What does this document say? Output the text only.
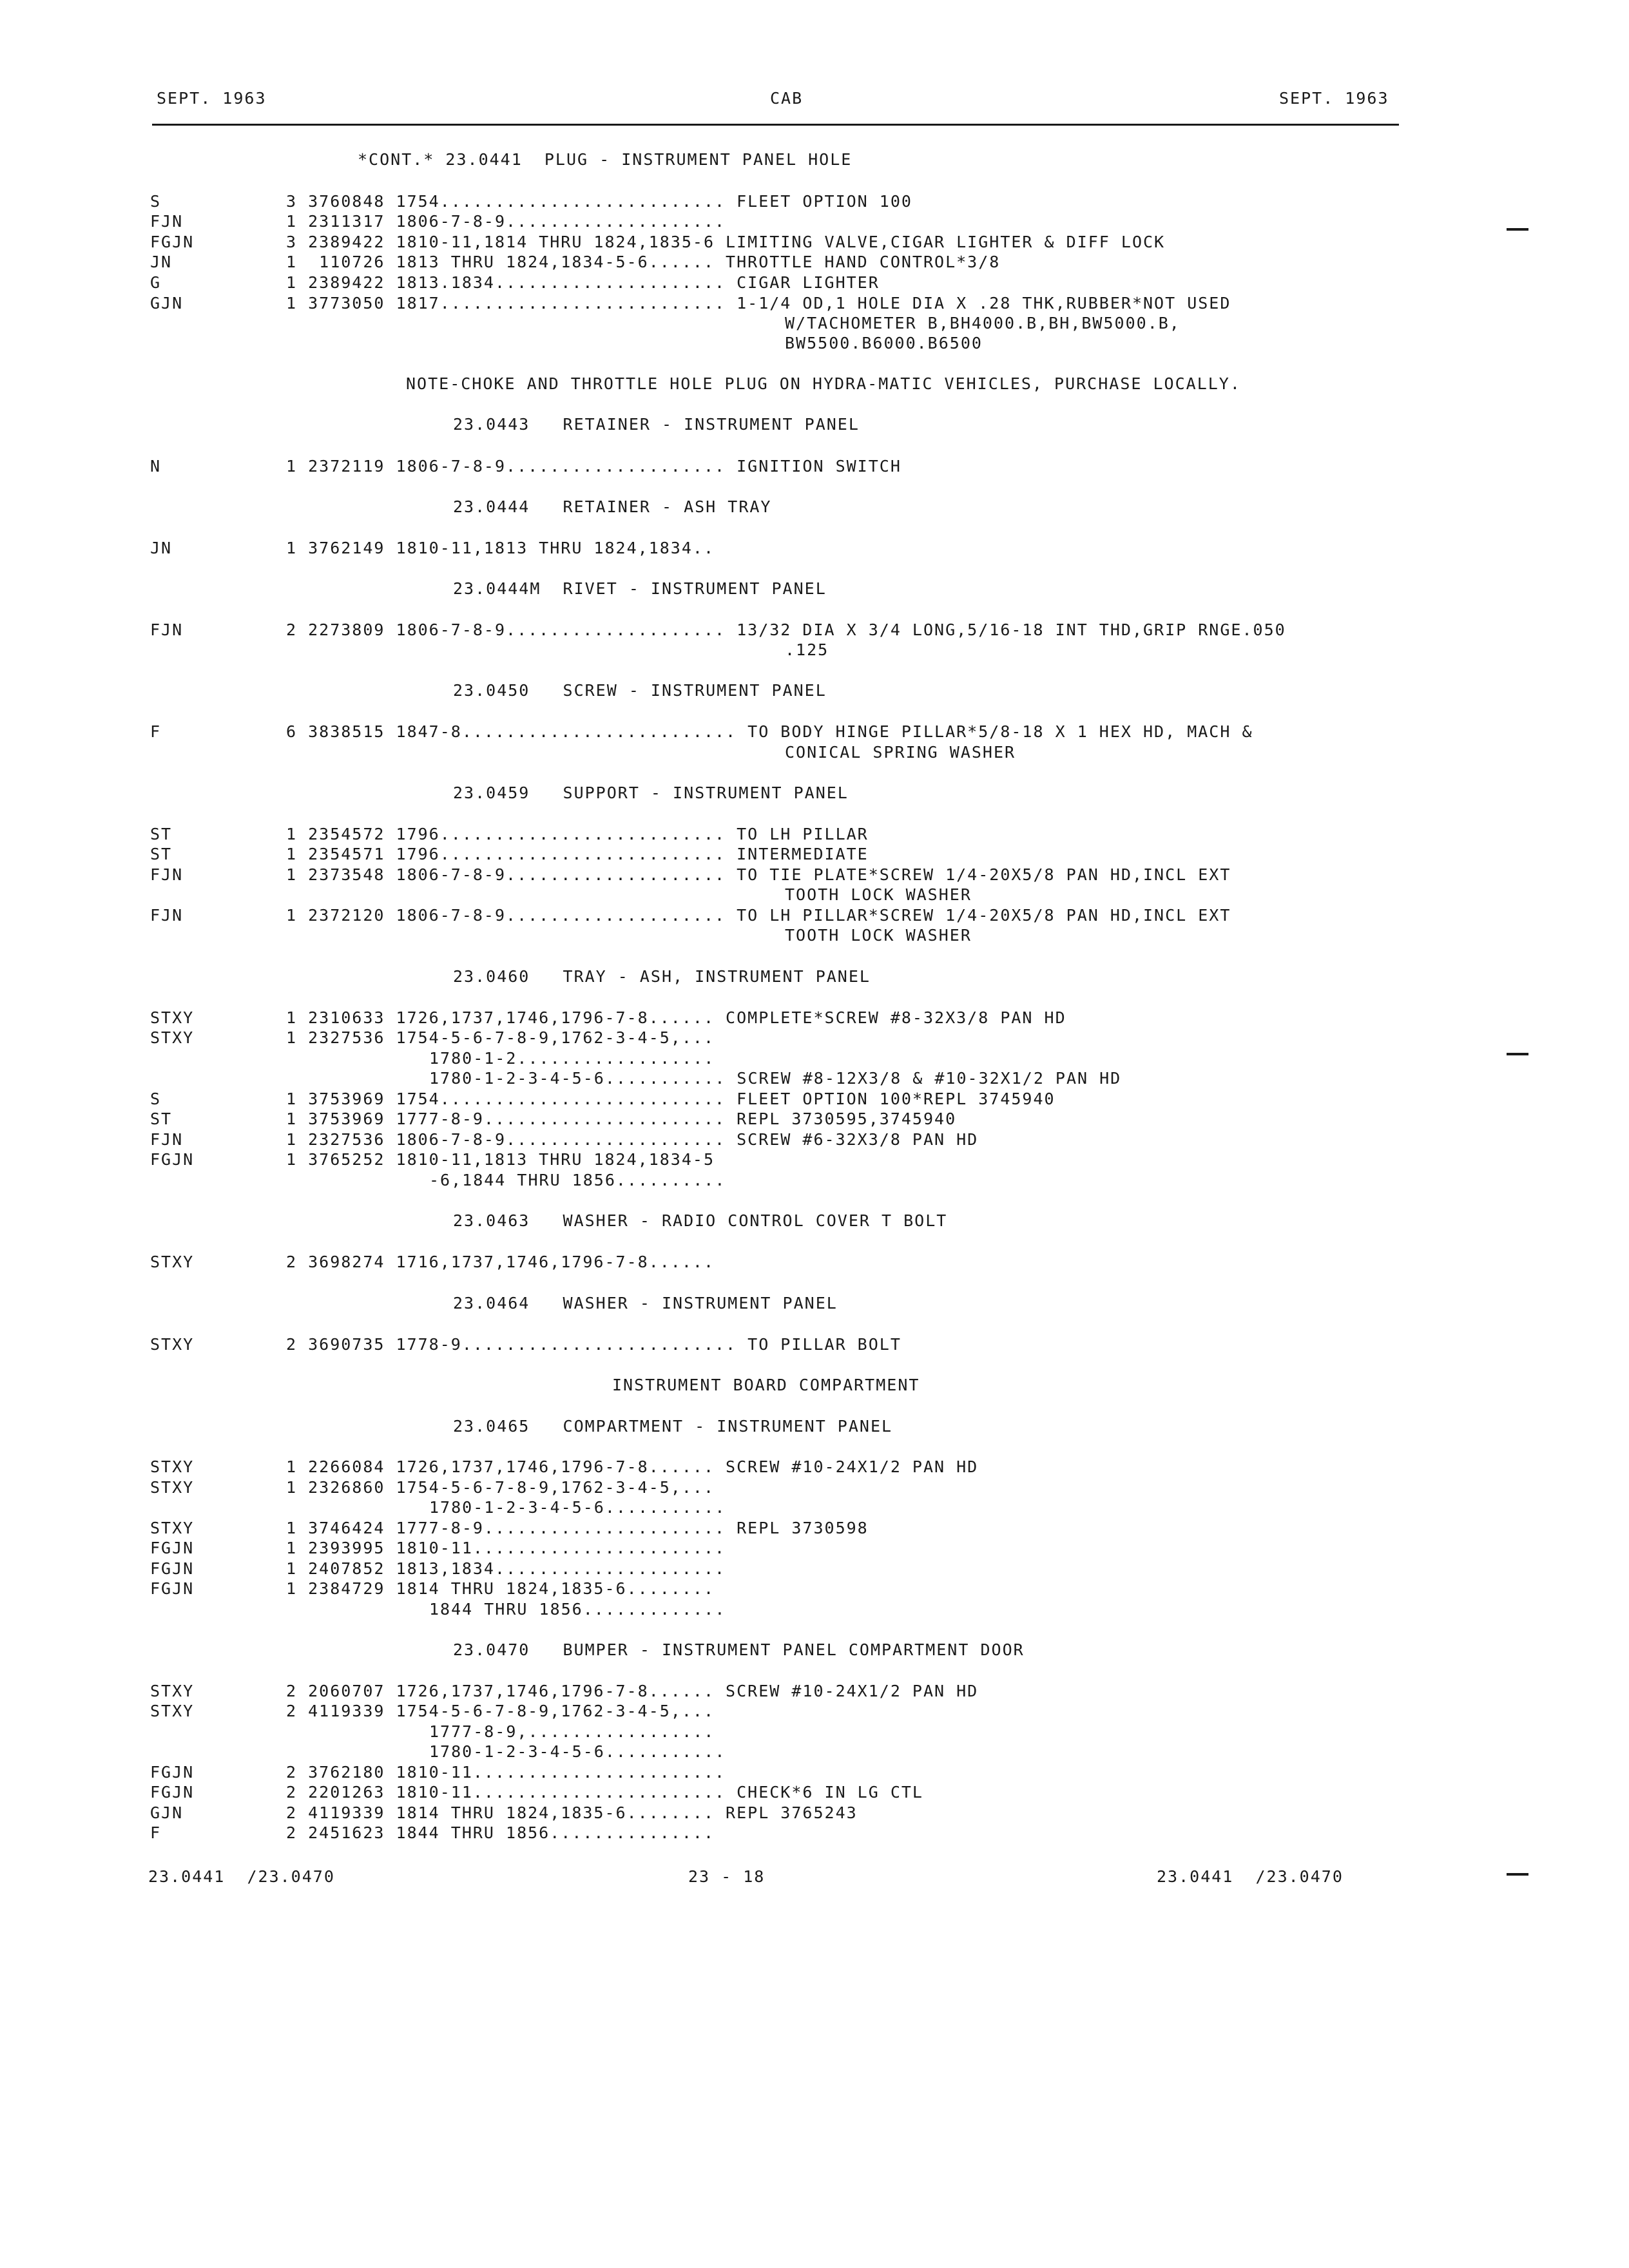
SEPT. 1963	CAB	SEPT. 1963
*CONT.* 23.0441  PLUG - INSTRUMENT PANEL HOLE
S	3 3760848 1754.......................... FLEET OPTION 100
FJN	1 2311317 1806-7-8-9....................
FGJN	3 2389422 1810-11,1814 THRU 1824,1835-6 LIMITING VALVE,CIGAR LIGHTER & DIFF LOCK
JN	1  110726 1813 THRU 1824,1834-5-6...... THROTTLE HAND CONTROL*3/8
G	1 2389422 1813.1834..................... CIGAR LIGHTER
GJN	1 3773050 1817.......................... 1-1/4 OD,1 HOLE DIA X .28 THK,RUBBER*NOT USED
W/TACHOMETER B,BH4000.B,BH,BW5000.B,
BW5500.B6000.B6500
NOTE-CHOKE AND THROTTLE HOLE PLUG ON HYDRA-MATIC VEHICLES, PURCHASE LOCALLY.
23.0443   RETAINER - INSTRUMENT PANEL
N	1 2372119 1806-7-8-9.................... IGNITION SWITCH
23.0444   RETAINER - ASH TRAY
JN	1 3762149 1810-11,1813 THRU 1824,1834..
23.0444M  RIVET - INSTRUMENT PANEL
FJN	2 2273809 1806-7-8-9.................... 13/32 DIA X 3/4 LONG,5/16-18 INT THD,GRIP RNGE.050
.125
23.0450   SCREW - INSTRUMENT PANEL
F	6 3838515 1847-8......................... TO BODY HINGE PILLAR*5/8-18 X 1 HEX HD, MACH &
CONICAL SPRING WASHER
23.0459   SUPPORT - INSTRUMENT PANEL
ST	1 2354572 1796.......................... TO LH PILLAR
ST	1 2354571 1796.......................... INTERMEDIATE
FJN	1 2373548 1806-7-8-9.................... TO TIE PLATE*SCREW 1/4-20X5/8 PAN HD,INCL EXT
TOOTH LOCK WASHER
FJN	1 2372120 1806-7-8-9.................... TO LH PILLAR*SCREW 1/4-20X5/8 PAN HD,INCL EXT
TOOTH LOCK WASHER
23.0460   TRAY - ASH, INSTRUMENT PANEL
STXY	1 2310633 1726,1737,1746,1796-7-8...... COMPLETE*SCREW #8-32X3/8 PAN HD
STXY	1 2327536 1754-5-6-7-8-9,1762-3-4-5,...
1780-1-2..................
1780-1-2-3-4-5-6........... SCREW #8-12X3/8 & #10-32X1/2 PAN HD
S	1 3753969 1754.......................... FLEET OPTION 100*REPL 3745940
ST	1 3753969 1777-8-9...................... REPL 3730595,3745940
FJN	1 2327536 1806-7-8-9.................... SCREW #6-32X3/8 PAN HD
FGJN	1 3765252 1810-11,1813 THRU 1824,1834-5
-6,1844 THRU 1856..........
23.0463   WASHER - RADIO CONTROL COVER T BOLT
STXY	2 3698274 1716,1737,1746,1796-7-8......
23.0464   WASHER - INSTRUMENT PANEL
STXY	2 3690735 1778-9......................... TO PILLAR BOLT
INSTRUMENT BOARD COMPARTMENT
23.0465   COMPARTMENT - INSTRUMENT PANEL
STXY	1 2266084 1726,1737,1746,1796-7-8...... SCREW #10-24X1/2 PAN HD
STXY	1 2326860 1754-5-6-7-8-9,1762-3-4-5,...
1780-1-2-3-4-5-6...........
STXY	1 3746424 1777-8-9...................... REPL 3730598
FGJN	1 2393995 1810-11.......................
FGJN	1 2407852 1813,1834.....................
FGJN	1 2384729 1814 THRU 1824,1835-6........
1844 THRU 1856.............
23.0470   BUMPER - INSTRUMENT PANEL COMPARTMENT DOOR
STXY	2 2060707 1726,1737,1746,1796-7-8...... SCREW #10-24X1/2 PAN HD
STXY	2 4119339 1754-5-6-7-8-9,1762-3-4-5,...
1777-8-9,.................
1780-1-2-3-4-5-6...........
FGJN	2 3762180 1810-11.......................
FGJN	2 2201263 1810-11....................... CHECK*6 IN LG CTL
GJN	2 4119339 1814 THRU 1824,1835-6........ REPL 3765243
F	2 2451623 1844 THRU 1856...............
23.0441  /23.0470	23 - 18	23.0441  /23.0470
